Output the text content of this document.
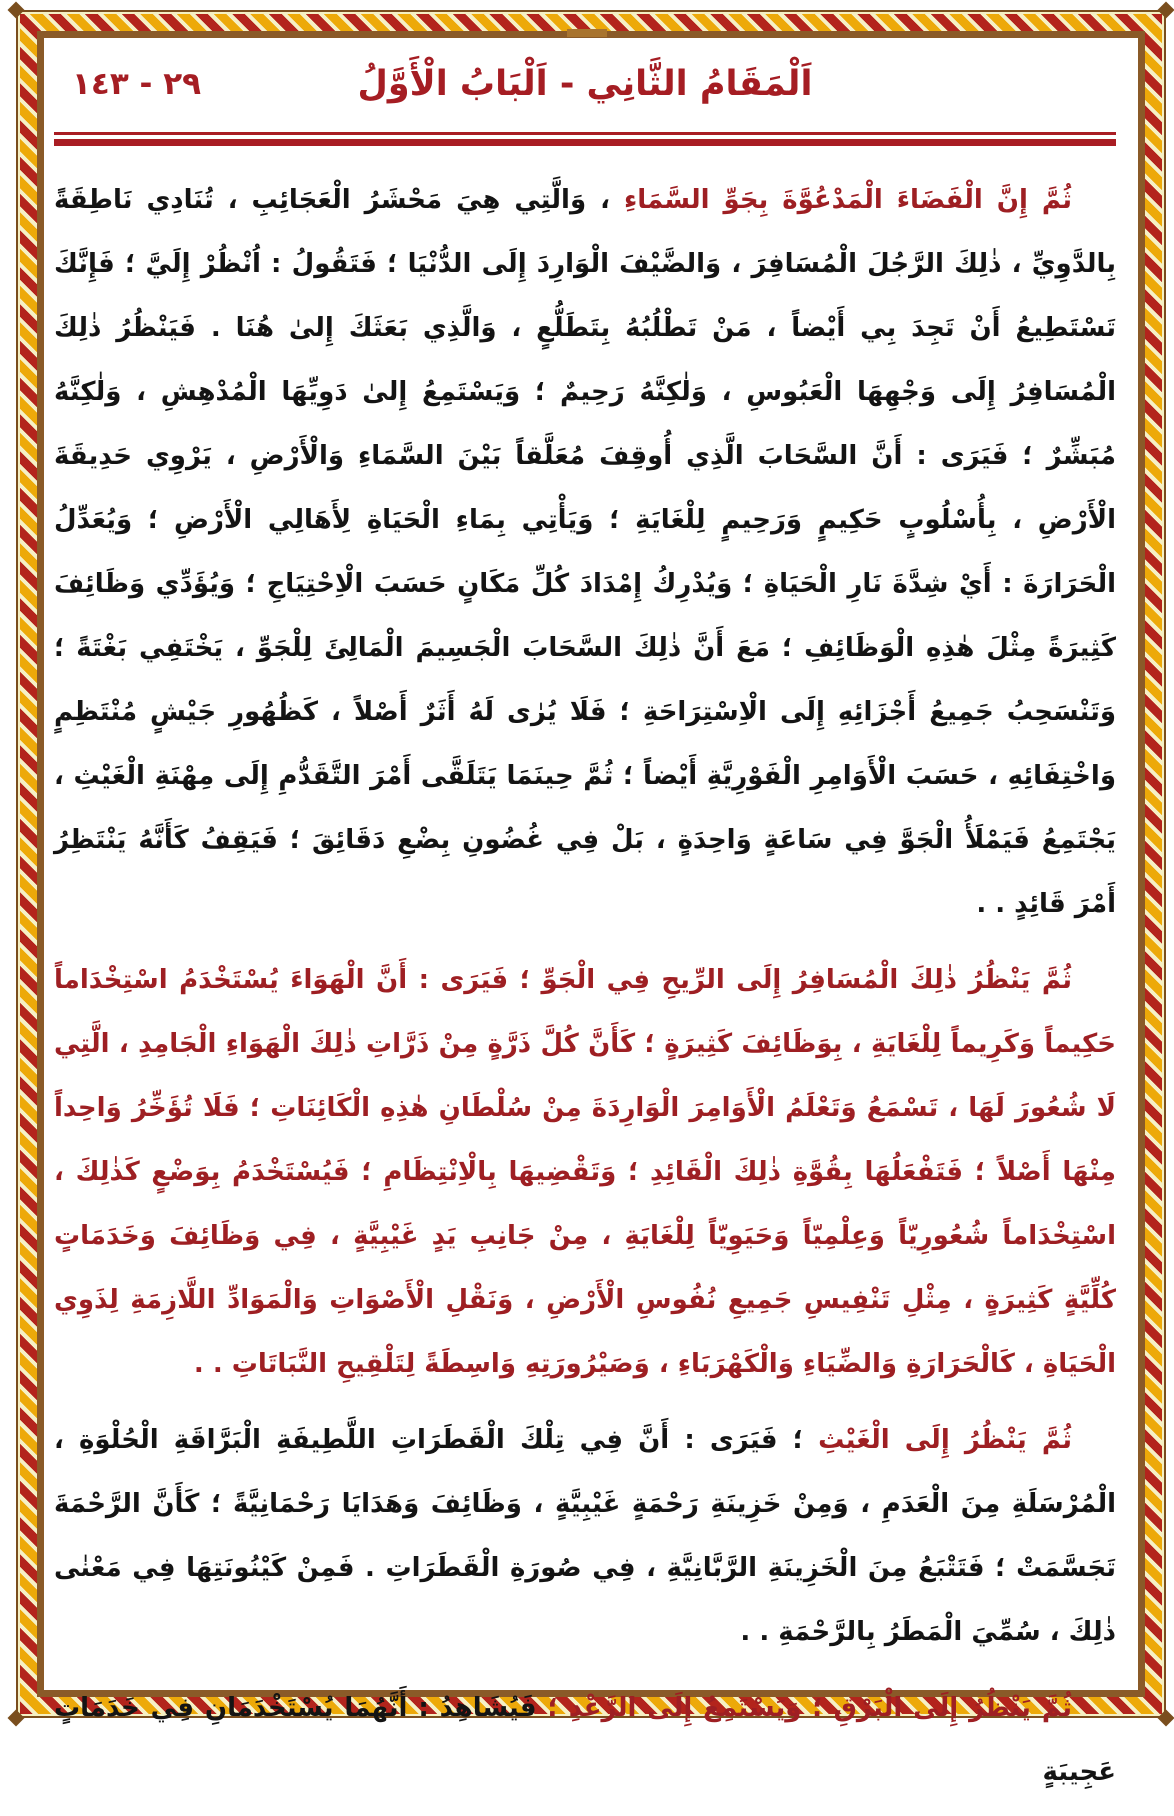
اَلْمَقَامُ الثَّانِي - اَلْبَابُ الْأَوَّلُ
٢٩ - ١٤٣

ثُمَّ إِنَّ الْفَضَاءَ الْمَدْعُوَّةَ بِجَوِّ السَّمَاءِ ، وَالَّتِي هِيَ مَحْشَرُ الْعَجَائِبِ ، تُنَادِي نَاطِقَةً بِالدَّوِيِّ ، ذٰلِكَ الرَّجُلَ الْمُسَافِرَ ، وَالضَّيْفَ الْوَارِدَ إِلَى الدُّنْيَا ؛ فَتَقُولُ : اُنْظُرْ إِلَيَّ ؛ فَإِنَّكَ تَسْتَطِيعُ أَنْ تَجِدَ بِي أَيْضاً ، مَنْ تَطْلُبُهُ بِتَطَلُّعٍ ، وَالَّذِي بَعَثَكَ إِلىٰ هُنَا . فَيَنْظُرُ ذٰلِكَ الْمُسَافِرُ إِلَى وَجْهِهَا الْعَبُوسِ ، وَلٰكِنَّهُ رَحِيمٌ ؛ وَيَسْتَمِعُ إِلىٰ دَوِيِّهَا الْمُدْهِشِ ، وَلٰكِنَّهُ مُبَشِّرٌ ؛ فَيَرَى : أَنَّ السَّحَابَ الَّذِي أُوقِفَ مُعَلَّقاً بَيْنَ السَّمَاءِ وَالْأَرْضِ ، يَرْوِي حَدِيقَةَ الْأَرْضِ ، بِأُسْلُوبٍ حَكِيمٍ وَرَحِيمٍ لِلْغَايَةِ ؛ وَيَأْتِي بِمَاءِ الْحَيَاةِ لِأَهَالِي الْأَرْضِ ؛ وَيُعَدِّلُ الْحَرَارَةَ : أَيْ شِدَّةَ نَارِ الْحَيَاةِ ؛ وَيُدْرِكُ إِمْدَادَ كُلِّ مَكَانٍ حَسَبَ الْاِحْتِيَاجِ ؛ وَيُؤَدِّي وَظَائِفَ كَثِيرَةً مِثْلَ هٰذِهِ الْوَظَائِفِ ؛ مَعَ أَنَّ ذٰلِكَ السَّحَابَ الْجَسِيمَ الْمَالِئَ لِلْجَوِّ ، يَخْتَفِي بَغْتَةً ؛ وَتَنْسَحِبُ جَمِيعُ أَجْزَائِهِ إِلَى الْاِسْتِرَاحَةِ ؛ فَلَا يُرٰى لَهُ أَثَرٌ أَصْلاً ، كَظُهُورِ جَيْشٍ مُنْتَظِمٍ وَاخْتِفَائِهِ ، حَسَبَ الْأَوَامِرِ الْفَوْرِيَّةِ أَيْضاً ؛ ثُمَّ حِينَمَا يَتَلَقَّى أَمْرَ التَّقَدُّمِ إِلَى مِهْنَةِ الْغَيْثِ ، يَجْتَمِعُ فَيَمْلَأُ الْجَوَّ فِي سَاعَةٍ وَاحِدَةٍ ، بَلْ فِي غُضُونِ بِضْعِ دَقَائِقَ ؛ فَيَقِفُ كَأَنَّهُ يَنْتَظِرُ أَمْرَ قَائِدٍ . .

ثُمَّ يَنْظُرُ ذٰلِكَ الْمُسَافِرُ إِلَى الرِّيحِ فِي الْجَوِّ ؛ فَيَرَى : أَنَّ الْهَوَاءَ يُسْتَخْدَمُ اسْتِخْدَاماً حَكِيماً وَكَرِيماً لِلْغَايَةِ ، بِوَظَائِفَ كَثِيرَةٍ ؛ كَأَنَّ كُلَّ ذَرَّةٍ مِنْ ذَرَّاتِ ذٰلِكَ الْهَوَاءِ الْجَامِدِ ، الَّتِي لَا شُعُورَ لَهَا ، تَسْمَعُ وَتَعْلَمُ الْأَوَامِرَ الْوَارِدَةَ مِنْ سُلْطَانِ هٰذِهِ الْكَائِنَاتِ ؛ فَلَا تُؤَخِّرُ وَاحِداً مِنْهَا أَصْلاً ؛ فَتَفْعَلُهَا بِقُوَّةِ ذٰلِكَ الْقَائِدِ ؛ وَتَقْضِيهَا بِالْاِنْتِظَامِ ؛ فَيُسْتَخْدَمُ بِوَضْعٍ كَذٰلِكَ ، اسْتِخْدَاماً شُعُورِيّاً وَعِلْمِيّاً وَحَيَوِيّاً لِلْغَايَةِ ، مِنْ جَانِبِ يَدٍ غَيْبِيَّةٍ ، فِي وَظَائِفَ وَخَدَمَاتٍ كُلِّيَّةٍ كَثِيرَةٍ ، مِثْلِ تَنْفِيسِ جَمِيعِ نُفُوسِ الْأَرْضِ ، وَنَقْلِ الْأَصْوَاتِ وَالْمَوَادِّ اللَّازِمَةِ لِذَوِي الْحَيَاةِ ، كَالْحَرَارَةِ وَالضِّيَاءِ وَالْكَهْرَبَاءِ ، وَصَيْرُورَتِهِ وَاسِطَةً لِتَلْقِيحِ النَّبَاتَاتِ . .

ثُمَّ يَنْظُرُ إِلَى الْغَيْثِ ؛ فَيَرَى : أَنَّ فِي تِلْكَ الْقَطَرَاتِ اللَّطِيفَةِ الْبَرَّاقَةِ الْحُلْوَةِ ، الْمُرْسَلَةِ مِنَ الْعَدَمِ ، وَمِنْ خَزِينَةِ رَحْمَةٍ غَيْبِيَّةٍ ، وَظَائِفَ وَهَدَايَا رَحْمَانِيَّةً ؛ كَأَنَّ الرَّحْمَةَ تَجَسَّمَتْ ؛ فَتَتْبَعُ مِنَ الْخَزِينَةِ الرَّبَّانِيَّةِ ، فِي صُورَةِ الْقَطَرَاتِ . فَمِنْ كَيْنُونَتِهَا فِي مَعْنٰى ذٰلِكَ ، سُمِّيَ الْمَطَرُ بِالرَّحْمَةِ . .

ثُمَّ يَنْظُرُ إِلَى الْبَرْقِ ؛ وَيَسْتَمِعُ إِلَى الرَّعْدِ ؛ فَيُشَاهِدُ : أَنَّهُمَا يُسْتَخْدَمَانِ فِي خَدَمَاتٍ عَجِيبَةٍ
